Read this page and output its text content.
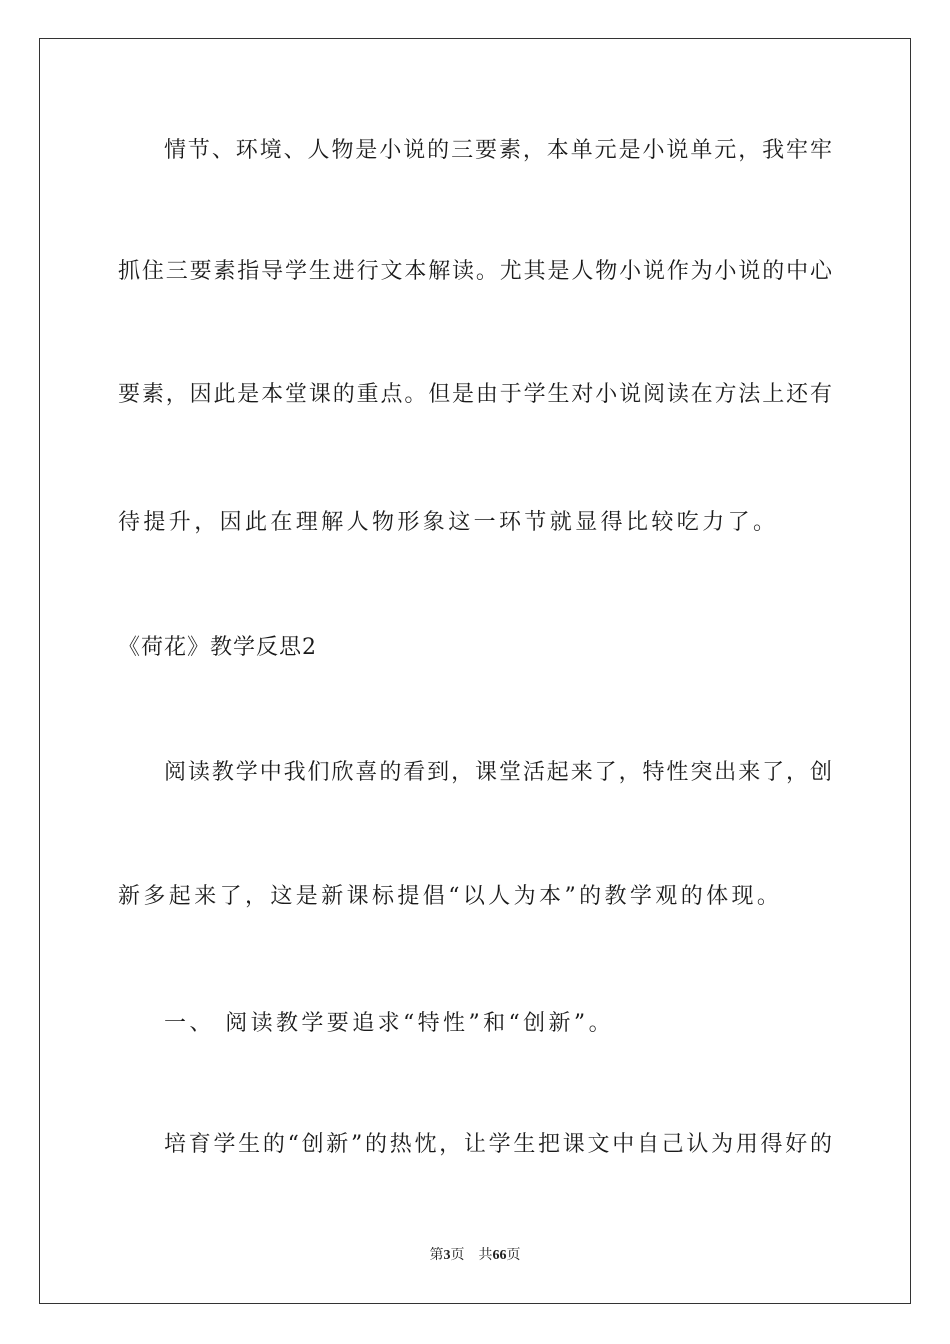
情节、环境、人物是小说的三要素，本单元是小说单元，我牢牢
抓住三要素指导学生进行文本解读。尤其是人物小说作为小说的中心
要素，因此是本堂课的重点。但是由于学生对小说阅读在方法上还有
待提升，因此在理解人物形象这一环节就显得比较吃力了。
《荷花》教学反思2
阅读教学中我们欣喜的看到，课堂活起来了，特性突出来了，创
新多起来了，这是新课标提倡“以人为本”的教学观的体现。
一、 阅读教学要追求“特性”和“创新”。
培育学生的“创新”的热忱，让学生把课文中自己认为用得好的
第3页 共66页
